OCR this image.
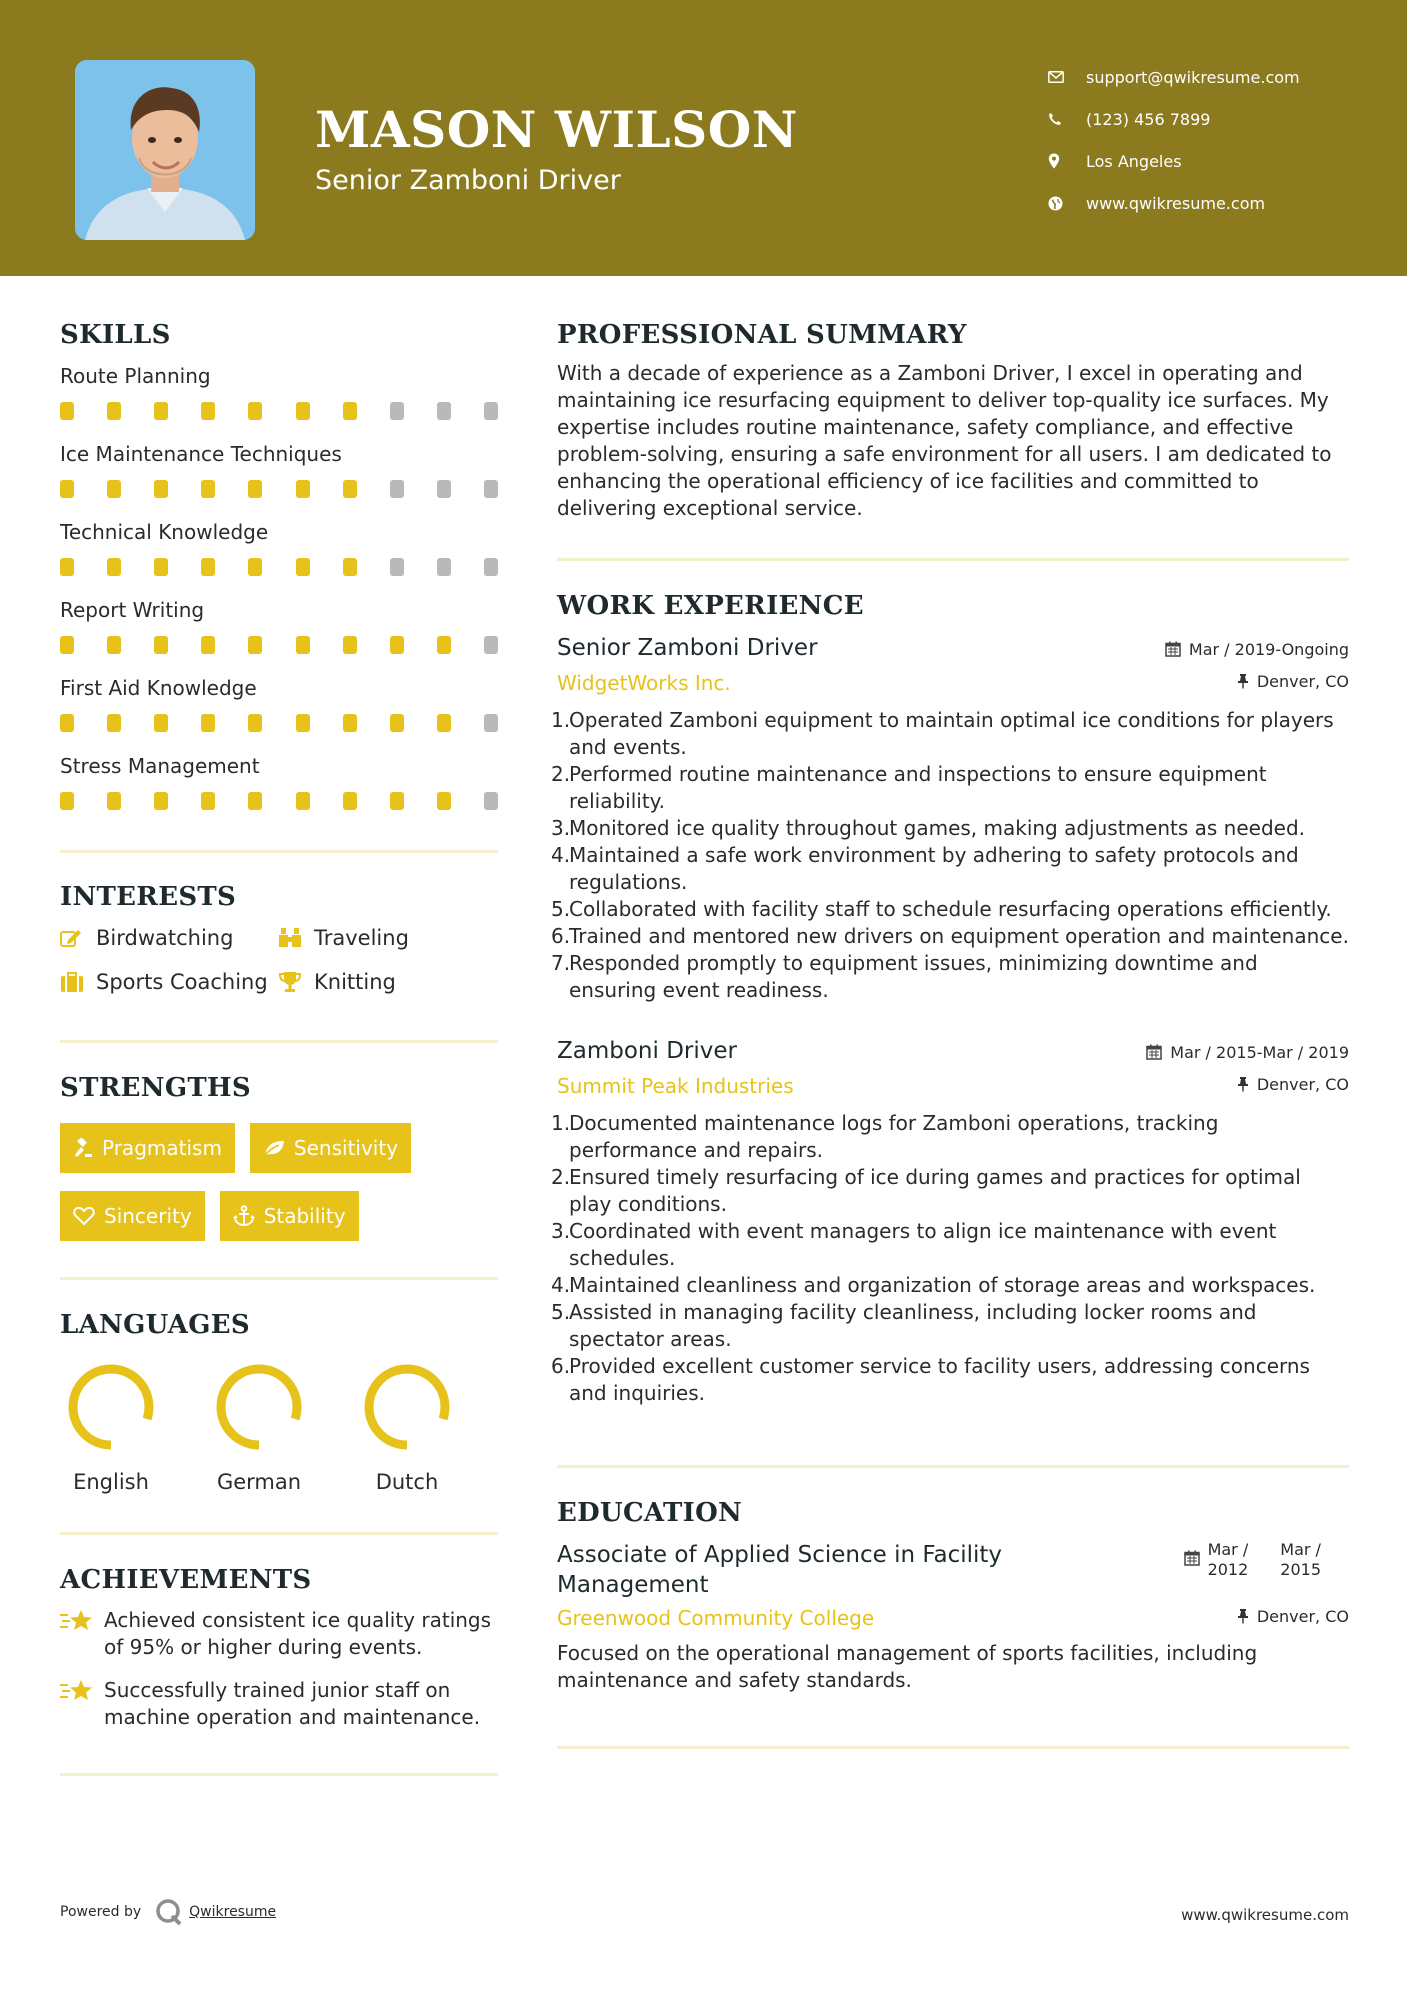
MASON WILSON
Senior Zamboni Driver
support@qwikresume.com
(123) 456 7899
Los Angeles
www.qwikresume.com
SKILLS
Route Planning
Ice Maintenance Techniques
Technical Knowledge
Report Writing
First Aid Knowledge
Stress Management
INTERESTS
Birdwatching	Traveling
Sports Coaching Knitting
STRENGTHS
Pragmatism	Sensitivity
Sincerity	Stability
LANGUAGES
English	German	Dutch
ACHIEVEMENTS
Achieved consistent ice quality ratings of 95% or higher during events.
Successfully trained junior staff on machine operation and maintenance.
PROFESSIONAL SUMMARY
With a decade of experience as a Zamboni Driver, I excel in operating and maintaining ice resurfacing equipment to deliver top-quality ice surfaces. My expertise includes routine maintenance, safety compliance, and effective problem-solving, ensuring a safe environment for all users. I am dedicated to enhancing the operational efficiency of ice facilities and committed to delivering exceptional service.
WORK EXPERIENCE
Senior Zamboni Driver
WidgetWorks Inc.
Mar / 2019-Ongoing
Denver, CO
1.
Operated Zamboni equipment to maintain optimal ice conditions for players and events.
2.
Performed routine maintenance and inspections to ensure equipment reliability.
3.
Monitored ice quality throughout games, making adjustments as needed.
4.
Maintained a safe work environment by adhering to safety protocols and regulations.
5.
Collaborated with facility staff to schedule resurfacing operations efficiently.
6.
Trained and mentored new drivers on equipment operation and maintenance.
7.
Responded promptly to equipment issues, minimizing downtime and ensuring event readiness.
Zamboni Driver
Summit Peak Industries
Mar / 2015-Mar / 2019
Denver, CO
1.
Documented maintenance logs for Zamboni operations, tracking performance and repairs.
2.
Ensured timely resurfacing of ice during games and practices for optimal play conditions.
3.
Coordinated with event managers to align ice maintenance with event schedules.
4.
Maintained cleanliness and organization of storage areas and workspaces.
5.
Assisted in managing facility cleanliness, including locker rooms and spectator areas.
6.
Provided excellent customer service to facility users, addressing concerns and inquiries.
EDUCATION
Associate of Applied Science in Facility Management
Mar /
2012
Mar /
2015
Greenwood Community College	Denver, CO
Focused on the operational management of sports facilities, including maintenance and safety standards.
Powered by	Qwikresume	www.qwikresume.com
